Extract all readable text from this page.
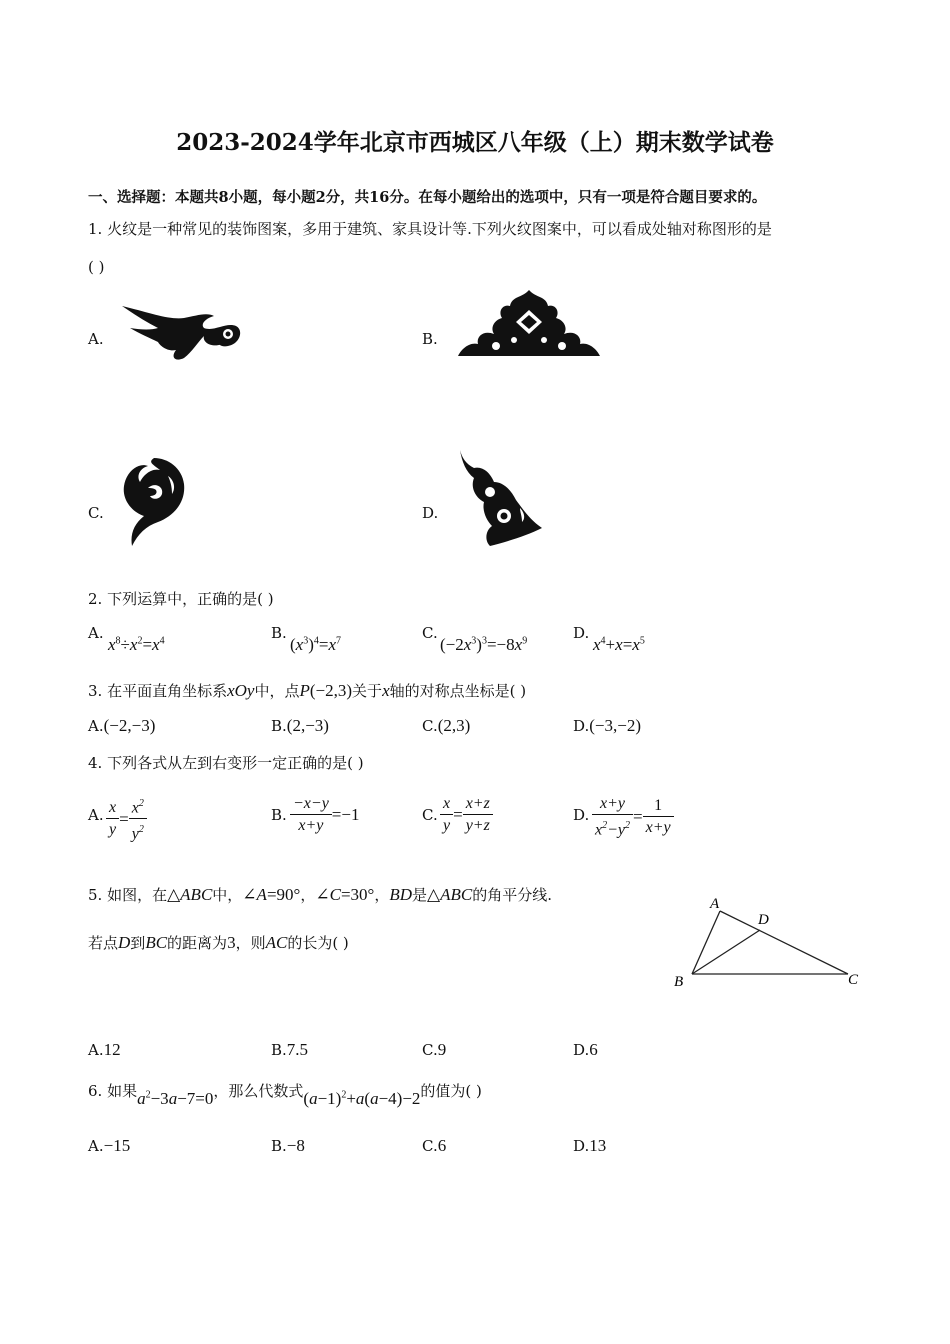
2023-2024学年北京市西城区八年级（上）期末数学试卷
一、选择题：本题共8小题，每小题2分，共16分。在每小题给出的选项中，只有一项是符合题目要求的。
1. 火纹是一种常见的装饰图案，多用于建筑、家具设计等.下列火纹图案中，可以看成处轴对称图形的是
( )
A.	B.
C.	D.
2. 下列运算中，正确的是( )
A.
$x^8\div x^2=x^4$	B.
$(x^3)^4=x^7$	C.
$(-2x^3)^3=-8x^9$	D.
$x^4+x=x^5$
3. 在平面直角坐标系xOy中，点P(−2,3)关于x轴的对称点坐标是( )
A.(−2,−3)	B.(2,−3)	C.(2,3)	D.(−3,−2)
4. 下列各式从左到右变形一定正确的是( )
A. $\frac{x}{y} = \frac{x^2}{y^2}$	B. $\frac{-x-y}{x+y} =-1$	C. $\frac{x}{y} = \frac{x+z}{y+z}$	D. $\frac{x+y}{x^2-y^2} = \frac{1}{x+y}$
5. 如图，在△ABC中，∠A=90°，∠C=30°，BD是△ABC的角平分线.
若点D到BC的距离为3，则AC的长为( )
A
D
B	C
A.12	B.7.5	C.9	D.6
6. 如果$a^2-3a-7=0$，那么代数式$(a-1)^2+a(a-4)-2$的值为( )
A.−15	B.−8	C.6	D.13
